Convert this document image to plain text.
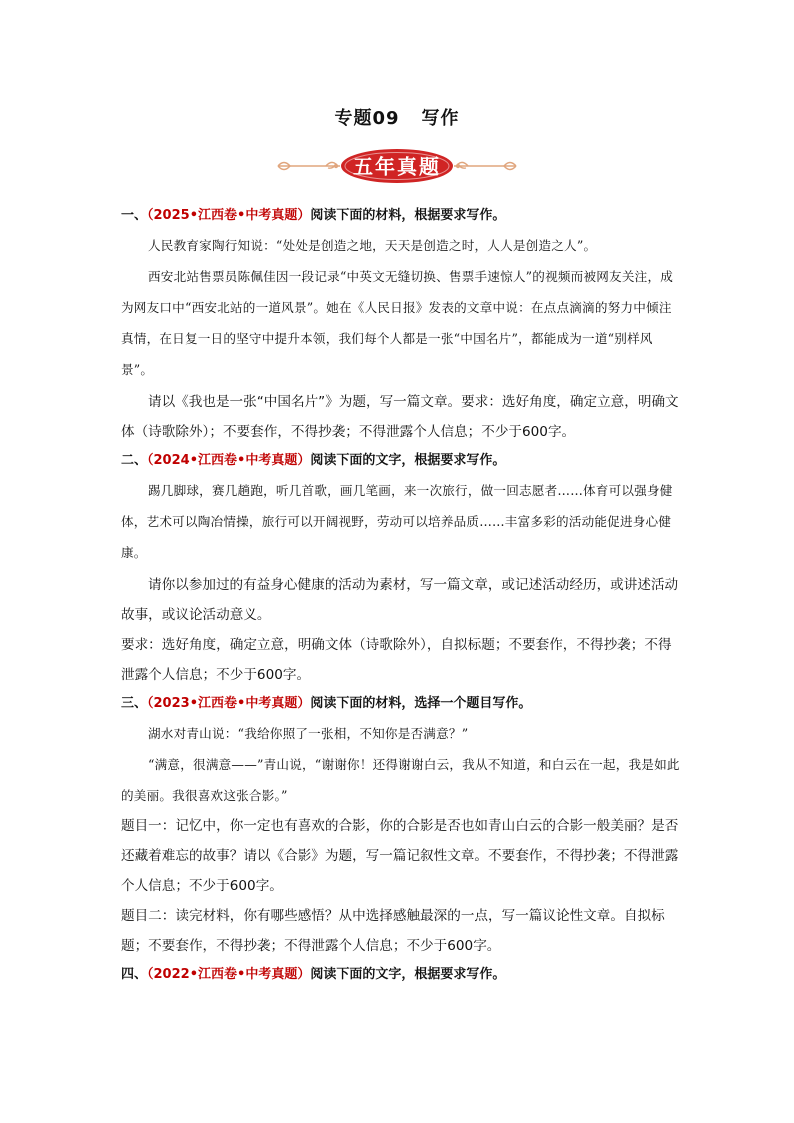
专题09 写作
五年真题

一、（2025•江西卷•中考真题）阅读下面的材料，根据要求写作。

人民教育家陶行知说：“处处是创造之地，天天是创造之时，人人是创造之人”。

西安北站售票员陈佩佳因一段记录“中英文无缝切换、售票手速惊人”的视频而被网友关注，成为网友口中“西安北站的一道风景”。她在《人民日报》发表的文章中说：在点点滴滴的努力中倾注真情，在日复一日的坚守中提升本领，我们每个人都是一张“中国名片”，都能成为一道“别样风景”。

请以《我也是一张“中国名片”》为题，写一篇文章。要求：选好角度，确定立意，明确文体（诗歌除外）；不要套作，不得抄袭；不得泄露个人信息；不少于600字。

二、（2024•江西卷•中考真题）阅读下面的文字，根据要求写作。

踢几脚球，赛几趟跑，听几首歌，画几笔画，来一次旅行，做一回志愿者……体育可以强身健体，艺术可以陶冶情操，旅行可以开阔视野，劳动可以培养品质……丰富多彩的活动能促进身心健康。

请你以参加过的有益身心健康的活动为素材，写一篇文章，或记述活动经历，或讲述活动故事，或议论活动意义。

要求：选好角度，确定立意，明确文体（诗歌除外），自拟标题；不要套作，不得抄袭；不得泄露个人信息；不少于600字。

三、（2023•江西卷•中考真题）阅读下面的材料，选择一个题目写作。

湖水对青山说：“我给你照了一张相，不知你是否满意？”

“满意，很满意——”青山说，“谢谢你！还得谢谢白云，我从不知道，和白云在一起，我是如此的美丽。我很喜欢这张合影。”

题目一：记忆中，你一定也有喜欢的合影，你的合影是否也如青山白云的合影一般美丽？是否还藏着难忘的故事？请以《合影》为题，写一篇记叙性文章。不要套作，不得抄袭；不得泄露个人信息；不少于600字。

题目二：读完材料，你有哪些感悟？从中选择感触最深的一点，写一篇议论性文章。自拟标题；不要套作，不得抄袭；不得泄露个人信息；不少于600字。

四、（2022•江西卷•中考真题）阅读下面的文字，根据要求写作。
